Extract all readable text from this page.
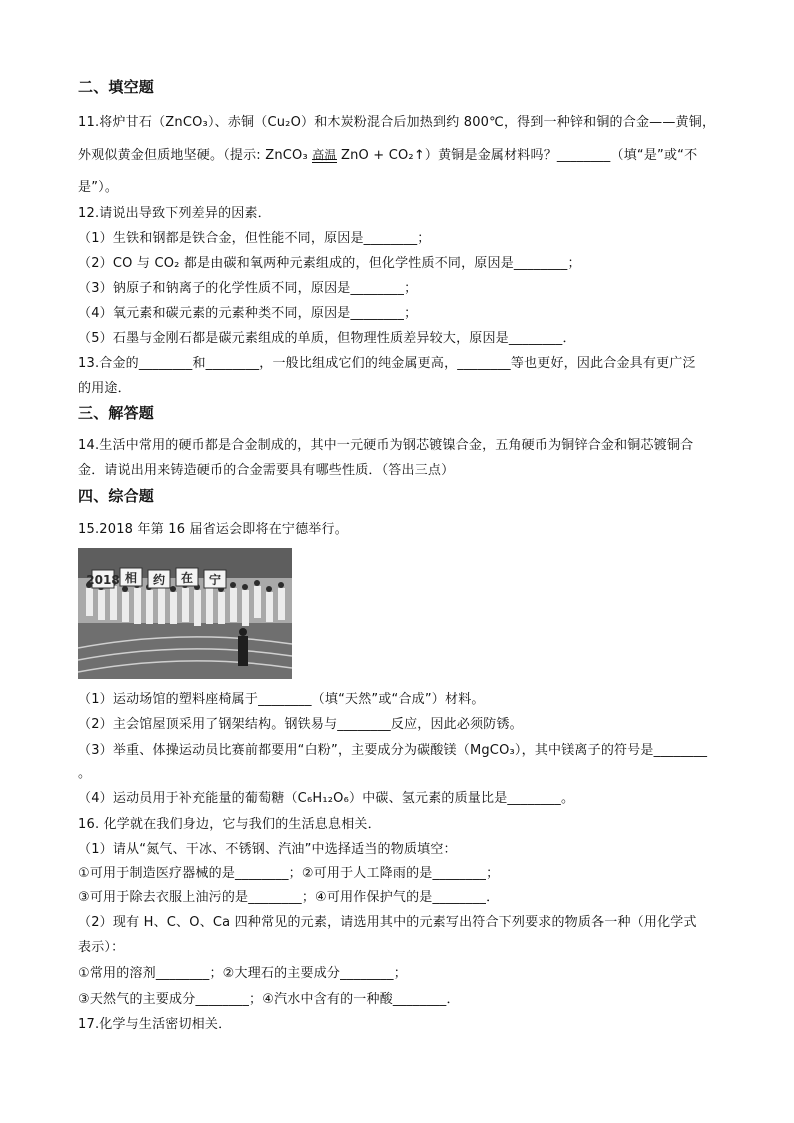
二、填空题
11.将炉甘石（ZnCO₃）、赤铜（Cu₂O）和木炭粉混合后加热到约 800℃，得到一种锌和铜的合金——黄铜，
外观似黄金但质地坚硬。（提示: ZnCO₃ 高温
ZnO + CO₂↑）黄铜是金属材料吗？________（填“是”或“不
是”）。
12.请说出导致下列差异的因素．
（1）生铁和钢都是铁合金，但性能不同，原因是________；
（2）CO 与 CO₂ 都是由碳和氧两种元素组成的，但化学性质不同，原因是________；
（3）钠原子和钠离子的化学性质不同，原因是________；
（4）氧元素和碳元素的元素种类不同，原因是________；
（5）石墨与金刚石都是碳元素组成的单质，但物理性质差异较大，原因是________．
13.合金的________和________，一般比组成它们的纯金属更高，________等也更好，因此合金具有更广泛
的用途．
三、解答题
14.生活中常用的硬币都是合金制成的，其中一元硬币为钢芯镀镍合金，五角硬币为铜锌合金和铜芯镀铜合
金．请说出用来铸造硬币的合金需要具有哪些性质．（答出三点）
四、综合题
15.2018 年第 16 届省运会即将在宁德举行。
2018 相 约 在 宁
（1）运动场馆的塑料座椅属于________（填“天然”或“合成”）材料。
（2）主会馆屋顶采用了钢架结构。钢铁易与________反应，因此必须防锈。
（3）举重、体操运动员比赛前都要用“白粉”，主要成分为碳酸镁（MgCO₃），其中镁离子的符号是________
。
（4）运动员用于补充能量的葡萄糖（C₆H₁₂O₆）中碳、氢元素的质量比是________。
16. 化学就在我们身边，它与我们的生活息息相关．
（1）请从“氮气、干冰、不锈钢、汽油”中选择适当的物质填空：
①可用于制造医疗器械的是________；②可用于人工降雨的是________；
③可用于除去衣服上油污的是________；④可用作保护气的是________．
（2）现有 H、C、O、Ca 四种常见的元素，请选用其中的元素写出符合下列要求的物质各一种（用化学式
表示）：
①常用的溶剂________；②大理石的主要成分________；
③天然气的主要成分________；④汽水中含有的一种酸________．
17.化学与生活密切相关．
